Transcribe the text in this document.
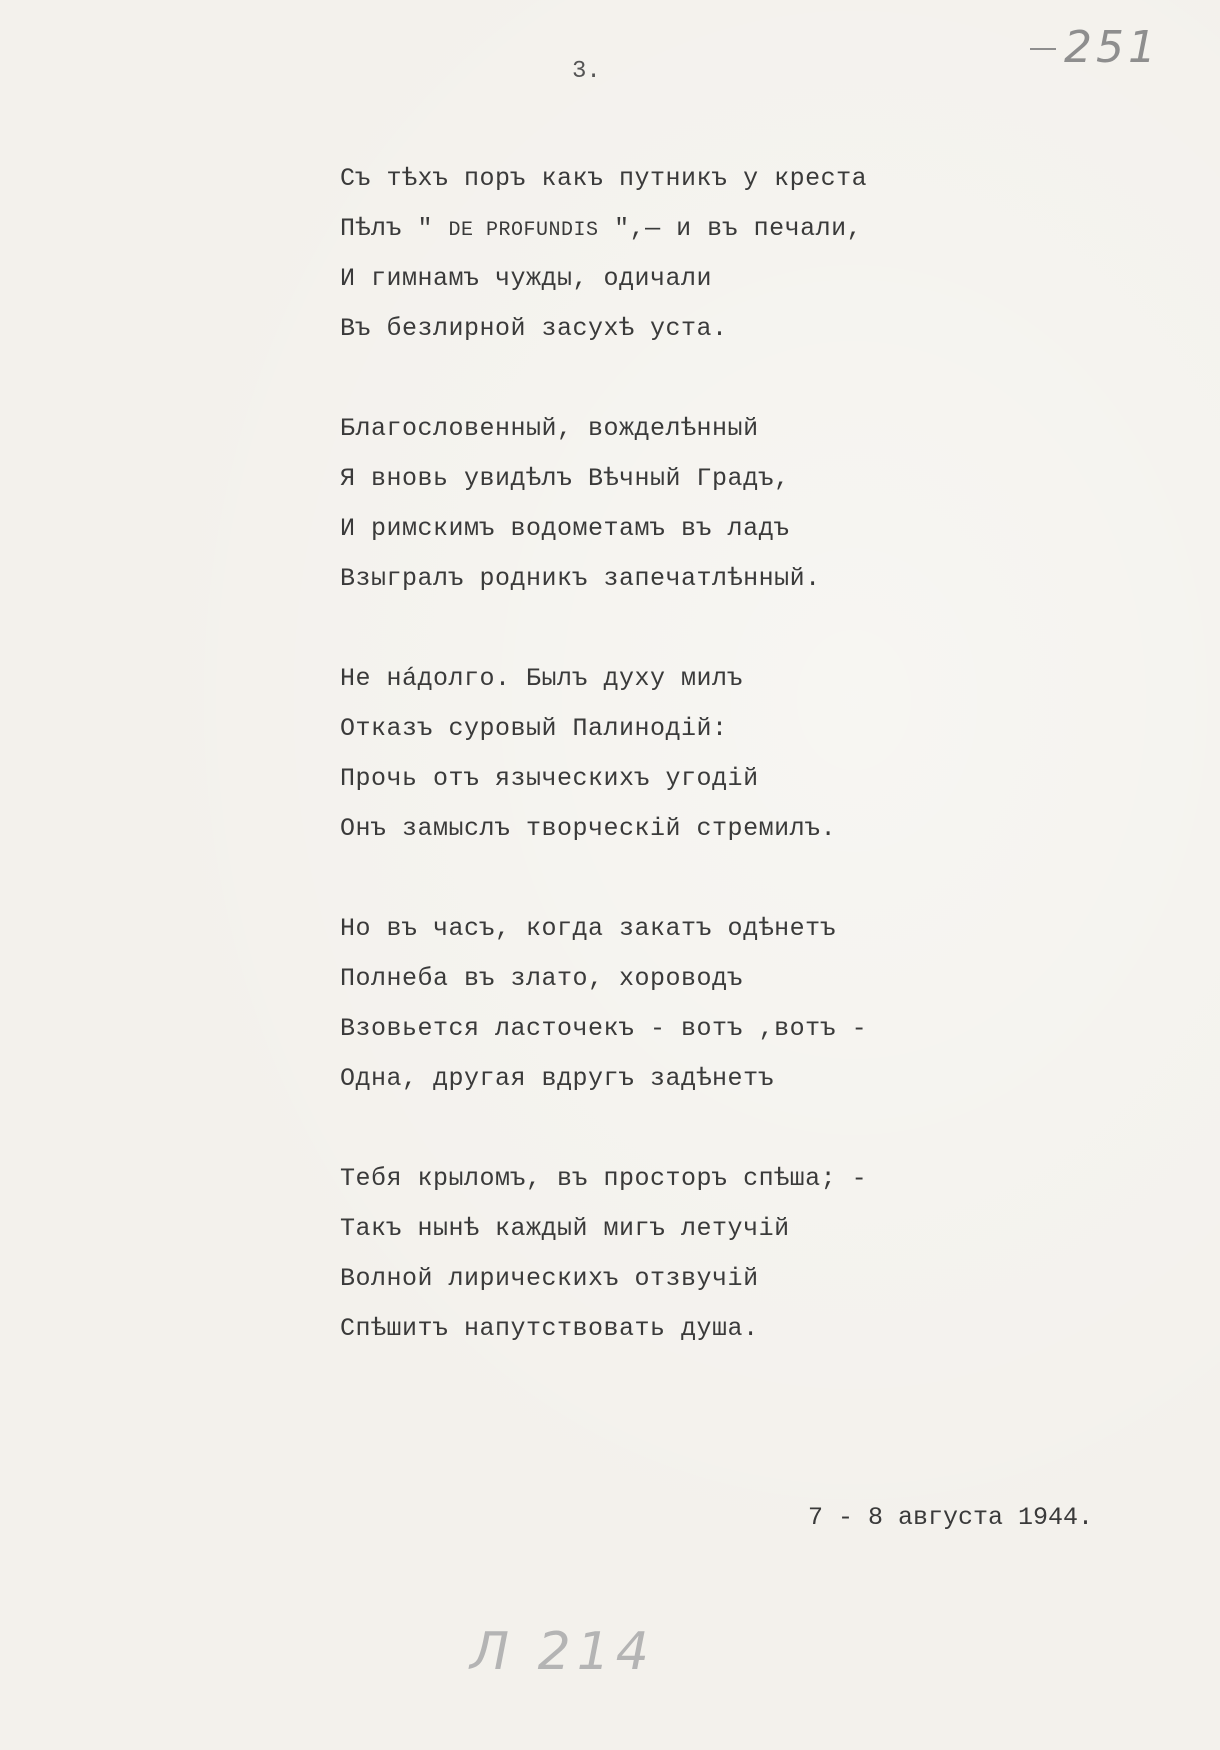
251
3.
Съ тѣхъ поръ какъ путникъ у креста
Пѣлъ " DE PROFUNDIS ",— и въ печали,
И гимнамъ чужды, одичали
Въ безлирной засухѣ уста.
Благословенный, вожделѣнный
Я вновь увидѣлъ Вѣчный Градъ,
И римскимъ водометамъ въ ладъ
Взыгралъ родникъ запечатлѣнный.
Не нáдолго. Былъ духу милъ
Отказъ суровый Палинодій:
Прочь отъ языческихъ угодій
Онъ замыслъ творческій стремилъ.
Но въ часъ, когда закатъ одѣнетъ
Полнеба въ злато, хороводъ
Взовьется ласточекъ - вотъ ,вотъ -
Одна, другая вдругъ задѣнетъ
Тебя крыломъ, въ просторъ спѣша; -
Такъ нынѣ каждый мигъ летучій
Волной лирическихъ отзвучій
Спѣшитъ напутствовать душа.
7 - 8 августа 1944.
Л 214
